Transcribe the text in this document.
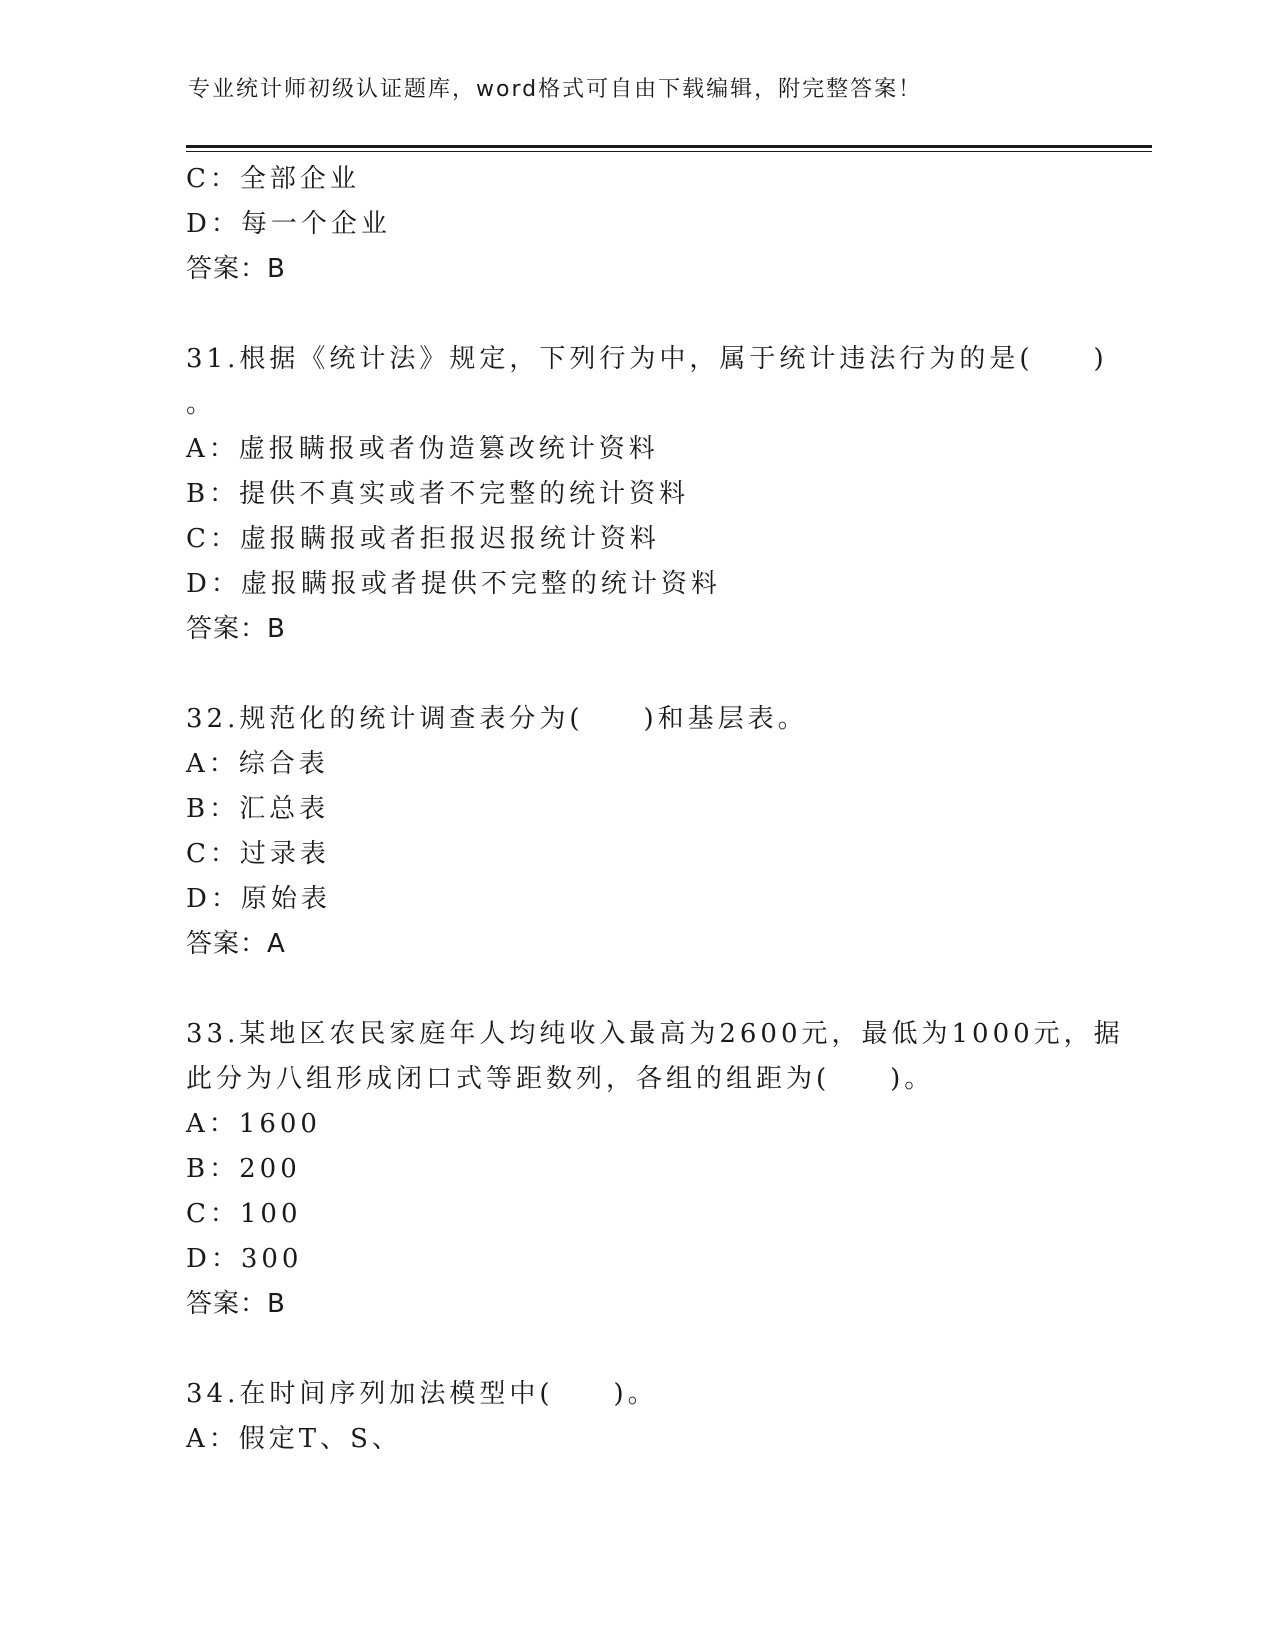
专业统计师初级认证题库，word格式可自由下载编辑，附完整答案！
C：全部企业
D：每一个企业
答案：B
31.根据《统计法》规定，下列行为中，属于统计违法行为的是(　　)
。
A：虚报瞒报或者伪造篡改统计资料
B：提供不真实或者不完整的统计资料
C：虚报瞒报或者拒报迟报统计资料
D：虚报瞒报或者提供不完整的统计资料
答案：B
32.规范化的统计调查表分为(　　)和基层表。
A：综合表
B：汇总表
C：过录表
D：原始表
答案：A
33.某地区农民家庭年人均纯收入最高为2600元，最低为1000元，据
此分为八组形成闭口式等距数列，各组的组距为(　　)。
A：1600
B：200
C：100
D：300
答案：B
34.在时间序列加法模型中(　　)。
A：假定T、S、
